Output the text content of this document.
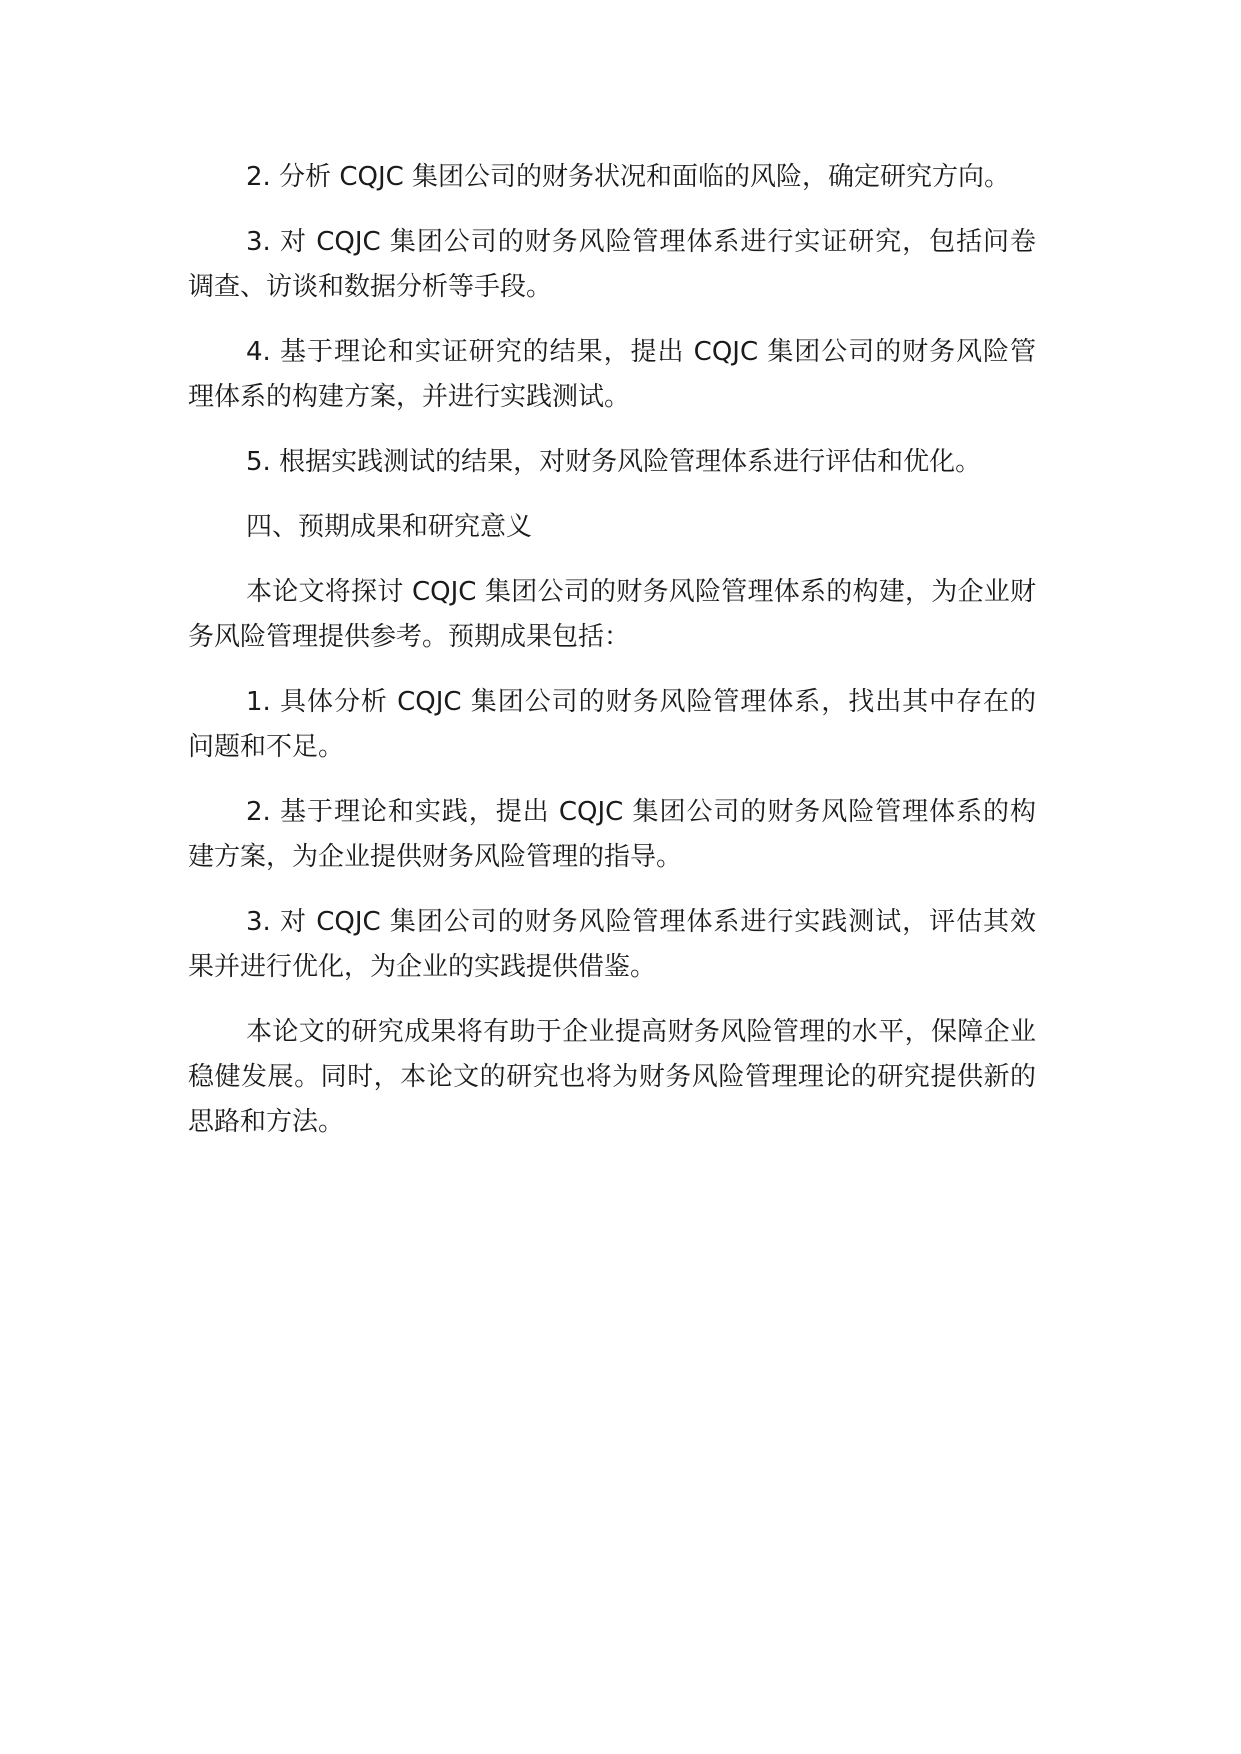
2. 分析 CQJC 集团公司的财务状况和面临的风险，确定研究方向。

3. 对 CQJC 集团公司的财务风险管理体系进行实证研究，包括问卷调查、访谈和数据分析等手段。

4. 基于理论和实证研究的结果，提出 CQJC 集团公司的财务风险管理体系的构建方案，并进行实践测试。

5. 根据实践测试的结果，对财务风险管理体系进行评估和优化。

四、预期成果和研究意义

本论文将探讨 CQJC 集团公司的财务风险管理体系的构建，为企业财务风险管理提供参考。预期成果包括：

1. 具体分析 CQJC 集团公司的财务风险管理体系，找出其中存在的问题和不足。

2. 基于理论和实践，提出 CQJC 集团公司的财务风险管理体系的构建方案，为企业提供财务风险管理的指导。

3. 对 CQJC 集团公司的财务风险管理体系进行实践测试，评估其效果并进行优化，为企业的实践提供借鉴。

本论文的研究成果将有助于企业提高财务风险管理的水平，保障企业稳健发展。同时，本论文的研究也将为财务风险管理理论的研究提供新的思路和方法。
